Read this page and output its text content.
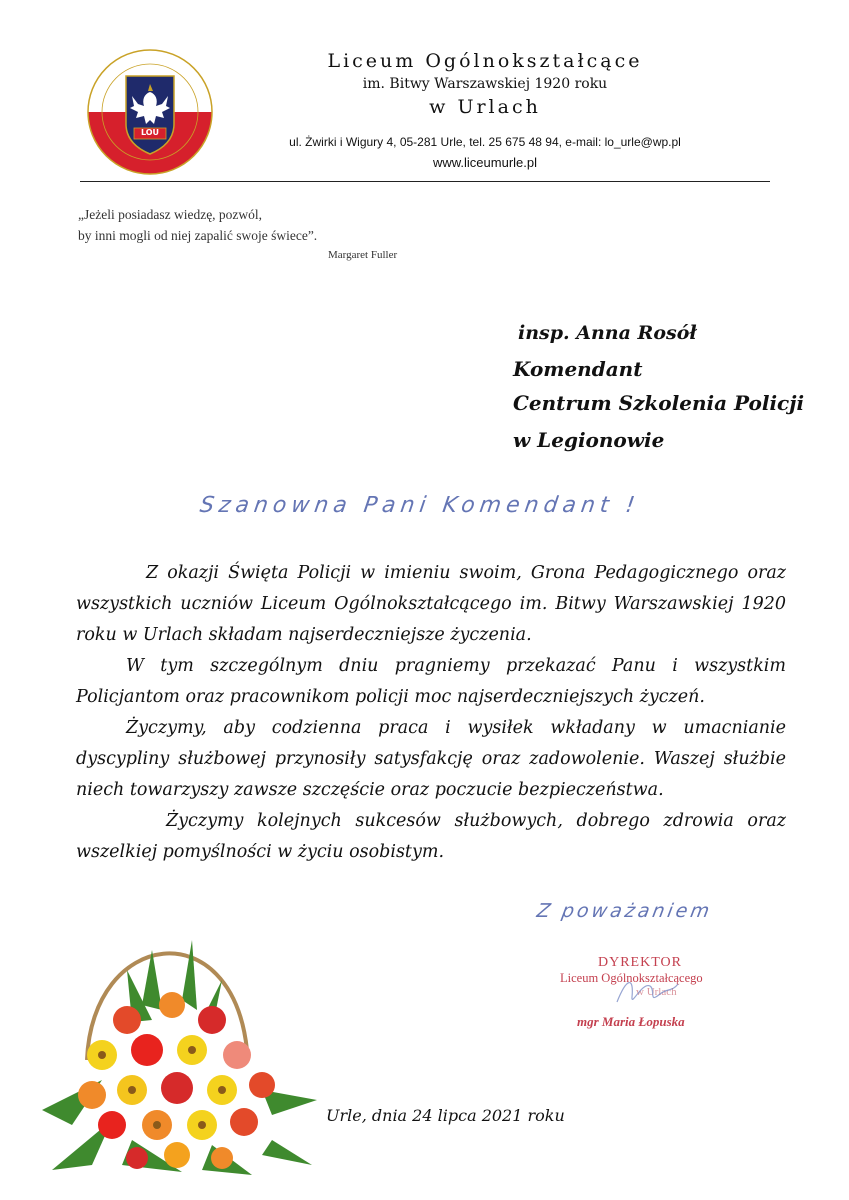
LOU
Liceum Ogólnokształcące
im. Bitwy Warszawskiej 1920 roku
w Urlach
ul. Żwirki i Wigury 4, 05-281 Urle, tel. 25 675 48 94, e-mail: lo_urle@wp.pl
www.liceumurle.pl
„Jeżeli posiadasz wiedzę, pozwól,
by inni mogli od niej zapalić swoje świece”.
Margaret Fuller
insp. Anna Rosół
Komendant
Centrum Szkolenia Policji
w Legionowie
Szanowna Pani Komendant !

Z okazji Święta Policji w imieniu swoim, Grona Pedagogicznego oraz wszystkich uczniów Liceum Ogólnokształcącego im. Bitwy Warszawskiej 1920 roku w Urlach składam najserdeczniejsze życzenia.

W tym szczególnym dniu pragniemy przekazać Panu i wszystkim Policjantom oraz pracownikom policji moc najserdeczniejszych życzeń.

Życzymy, aby codzienna praca i wysiłek wkładany w umacnianie dyscypliny służbowej przynosiły satysfakcję oraz zadowolenie. Waszej służbie niech towarzyszy zawsze szczęście oraz poczucie bezpieczeństwa.

Życzymy kolejnych sukcesów służbowych, dobrego zdrowia oraz wszelkiej pomyślności w życiu osobistym.

Z poważaniem
DYREKTOR
Liceum Ogólnokształcącego
w Urlach
mgr Maria Łopuska
Urle, dnia 24 lipca 2021 roku
